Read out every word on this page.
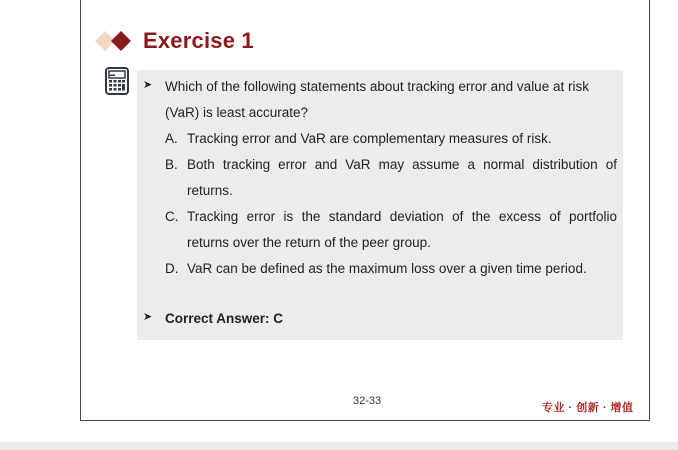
Exercise 1
➤ Which of the following statements about tracking error and value at risk
(VaR) is least accurate?
A. Tracking error and VaR are complementary measures of risk.
B. Both tracking error and VaR may assume a normal distribution of
returns.
C. Tracking error is the standard deviation of the excess of portfolio
returns over the return of the peer group.
D. VaR can be defined as the maximum loss over a given time period.
➤ Correct Answer: C
32-33
专业 · 创新 · 增值
